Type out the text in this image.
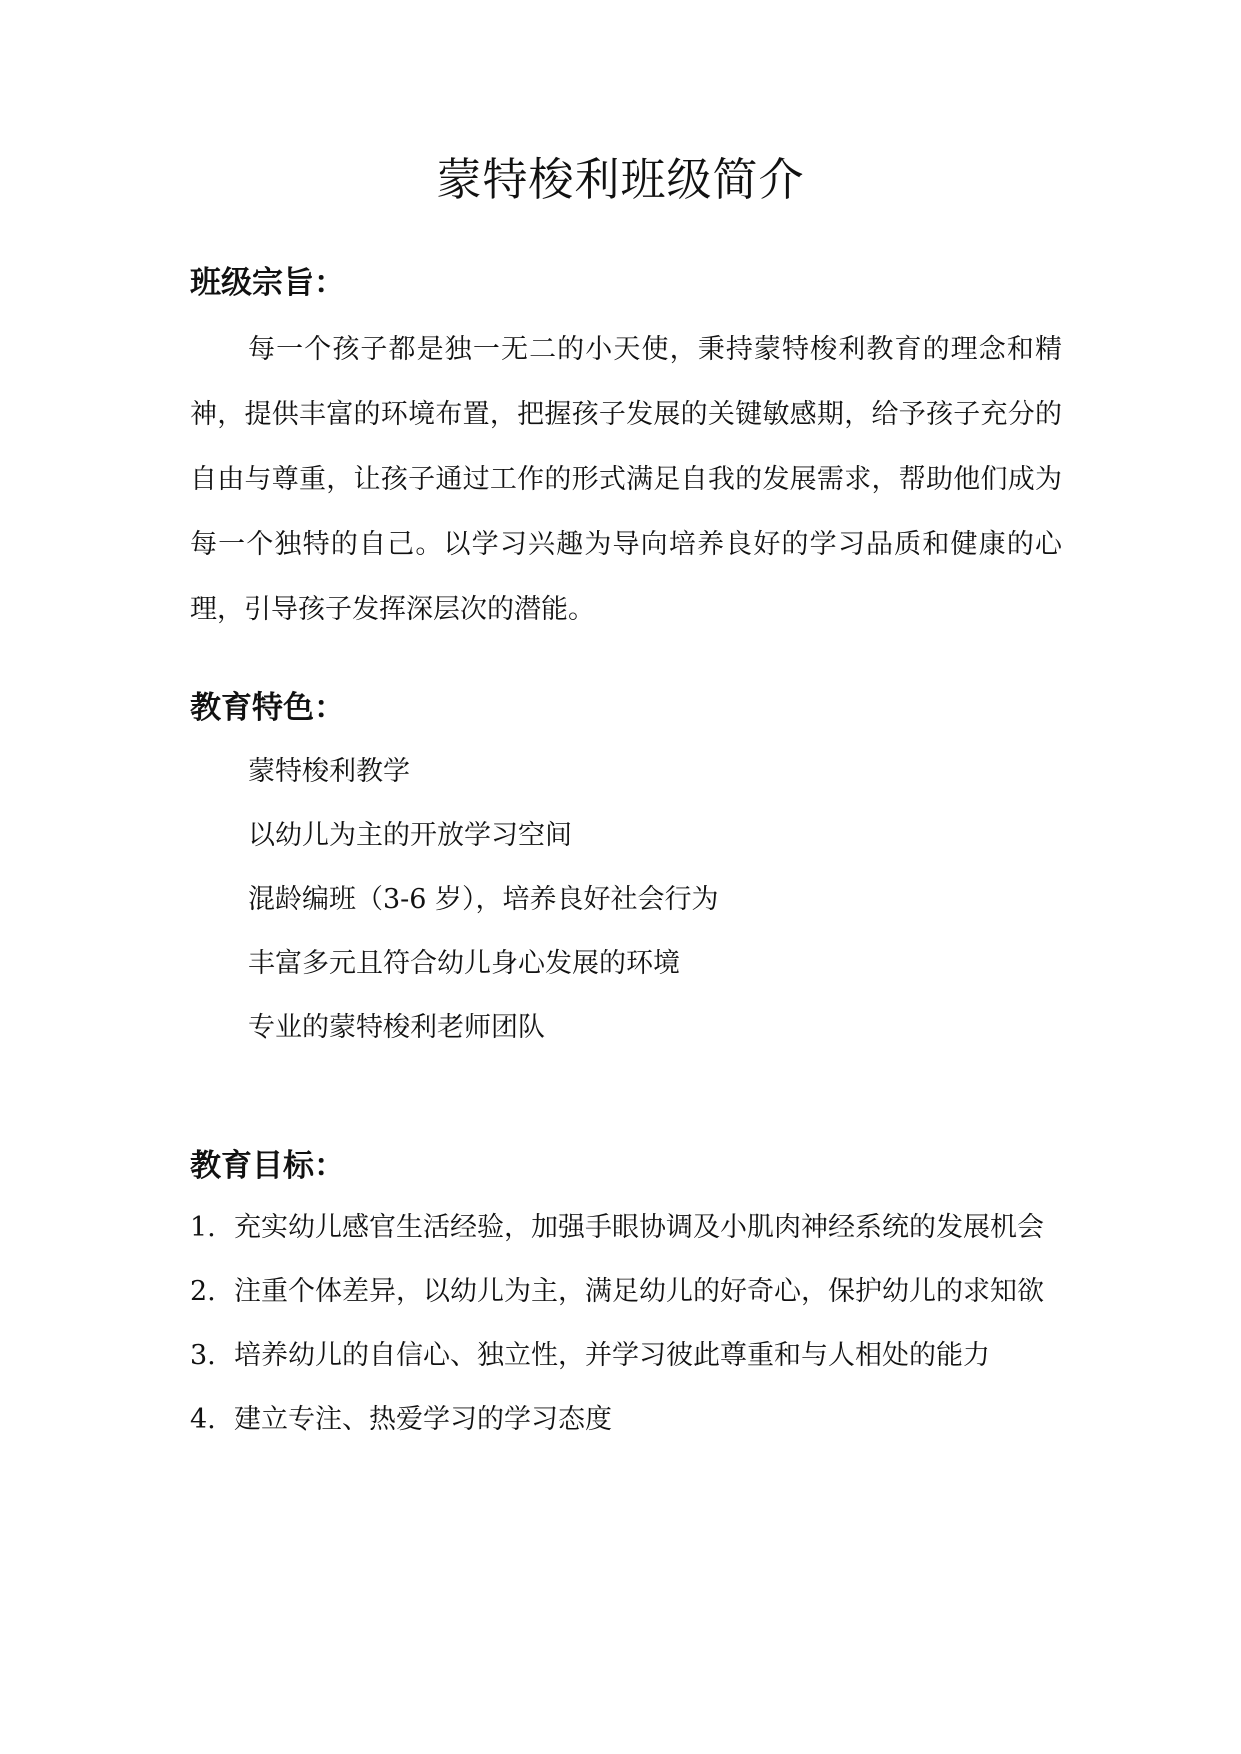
蒙特梭利班级简介
班级宗旨：

每一个孩子都是独一无二的小天使，秉持蒙特梭利教育的理念和精神，提供丰富的环境布置，把握孩子发展的关键敏感期，给予孩子充分的自由与尊重，让孩子通过工作的形式满足自我的发展需求，帮助他们成为每一个独特的自己。以学习兴趣为导向培养良好的学习品质和健康的心理，引导孩子发挥深层次的潜能。

教育特色：
蒙特梭利教学
以幼儿为主的开放学习空间
混龄编班（3-6 岁），培养良好社会行为
丰富多元且符合幼儿身心发展的环境
专业的蒙特梭利老师团队
教育目标：
1. 充实幼儿感官生活经验，加强手眼协调及小肌肉神经系统的发展机会
2. 注重个体差异，以幼儿为主，满足幼儿的好奇心，保护幼儿的求知欲
3. 培养幼儿的自信心、独立性，并学习彼此尊重和与人相处的能力
4. 建立专注、热爱学习的学习态度
